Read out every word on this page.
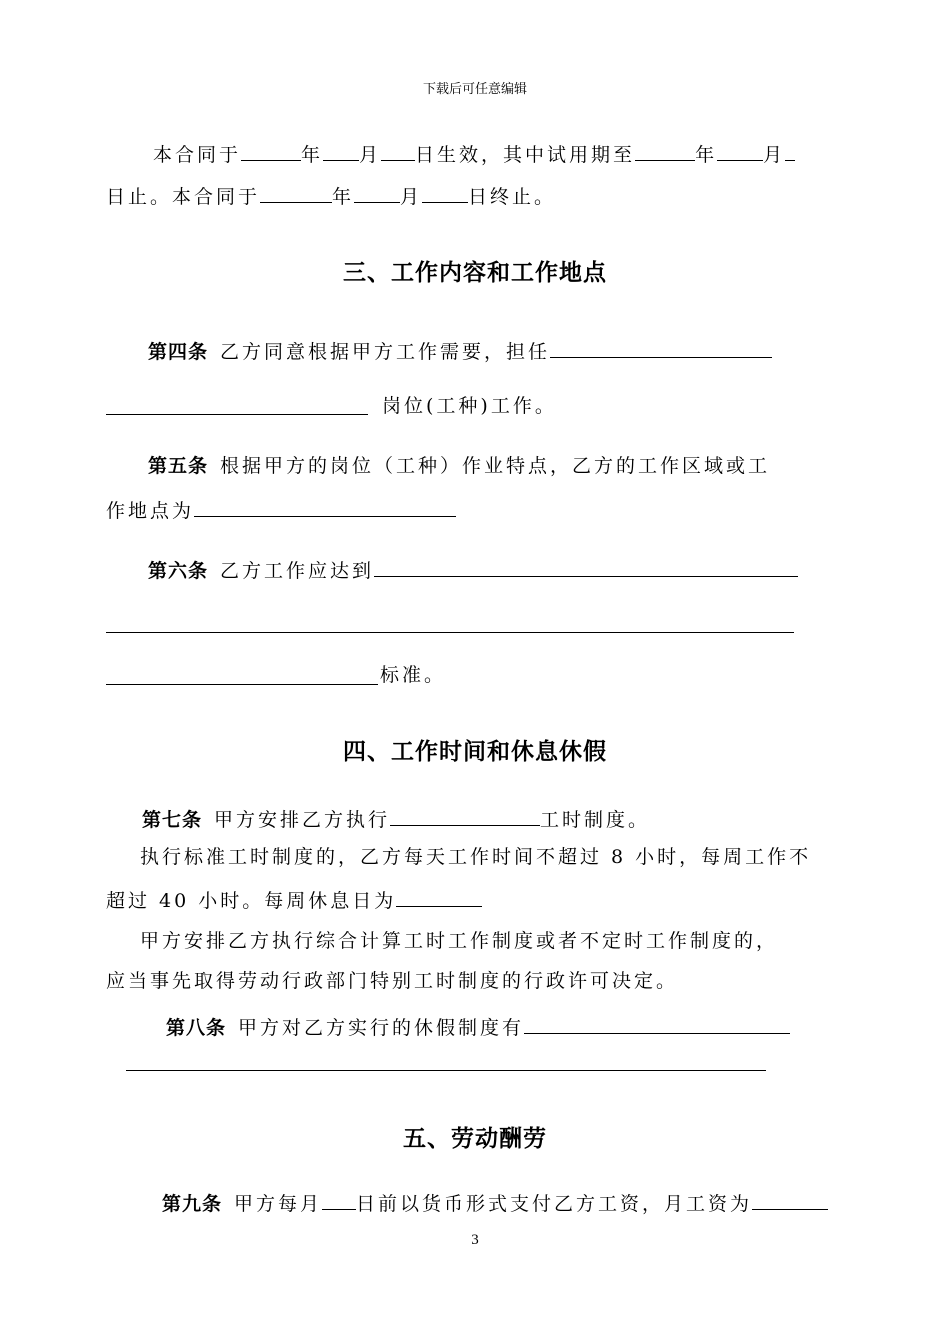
下载后可任意编辑
本合同于	年 月 日生效，其中试用期至	年 月
日止。本合同于	年 月 日终止。
三、工作内容和工作地点
第四条 乙方同意根据甲方工作需要，担任
岗位(工种)工作。
第五条 根据甲方的岗位（工种）作业特点，乙方的工作区域或工
作地点为
第六条 乙方工作应达到
标准。
四、工作时间和休息休假
第七条 甲方安排乙方执行	工时制度。
执行标准工时制度的，乙方每天工作时间不超过 8 小时，每周工作不
超过 40 小时。每周休息日为
甲方安排乙方执行综合计算工时工作制度或者不定时工作制度的，
应当事先取得劳动行政部门特别工时制度的行政许可决定。
第八条 甲方对乙方实行的休假制度有
五、劳动酬劳
第九条 甲方每月 日前以货币形式支付乙方工资，月工资为
3
